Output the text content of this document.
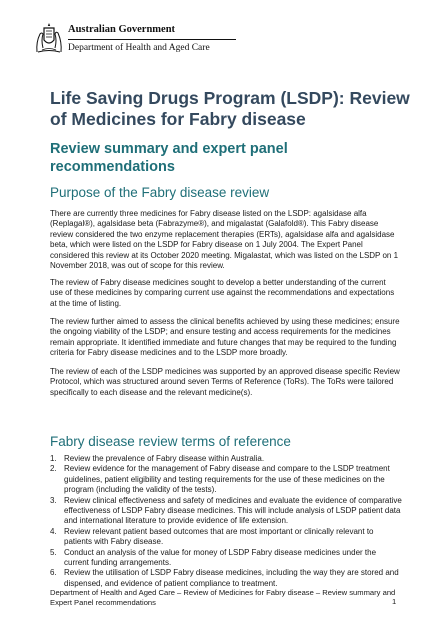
Australian Government
Department of Health and Aged Care
Life Saving Drugs Program (LSDP): Review of Medicines for Fabry disease
Review summary and expert panel recommendations
Purpose of the Fabry disease review

There are currently three medicines for Fabry disease listed on the LSDP: agalsidase alfa (Replagal®), agalsidase beta (Fabrazyme®), and migalastat (Galafold®). This Fabry disease review considered the two enzyme replacement therapies (ERTs), agalsidase alfa and agalsidase beta, which were listed on the LSDP for Fabry disease on 1 July 2004. The Expert Panel considered this review at its October 2020 meeting. Migalastat, which was listed on the LSDP on 1 November 2018, was out of scope for this review.

The review of Fabry disease medicines sought to develop a better understanding of the current use of these medicines by comparing current use against the recommendations and expectations at the time of listing.

The review further aimed to assess the clinical benefits achieved by using these medicines; ensure the ongoing viability of the LSDP; and ensure testing and access requirements for the medicines remain appropriate. It identified immediate and future changes that may be required to the funding criteria for Fabry disease medicines and to the LSDP more broadly.

The review of each of the LSDP medicines was supported by an approved disease specific Review Protocol, which was structured around seven Terms of Reference (ToRs). The ToRs were tailored specifically to each disease and the relevant medicine(s).

Fabry disease review terms of reference
1. Review the prevalence of Fabry disease within Australia.
2. Review evidence for the management of Fabry disease and compare to the LSDP treatment guidelines, patient eligibility and testing requirements for the use of these medicines on the program (including the validity of the tests).
3. Review clinical effectiveness and safety of medicines and evaluate the evidence of comparative effectiveness of LSDP Fabry disease medicines. This will include analysis of LSDP patient data and international literature to provide evidence of life extension.
4. Review relevant patient based outcomes that are most important or clinically relevant to patients with Fabry disease.
5. Conduct an analysis of the value for money of LSDP Fabry disease medicines under the current funding arrangements.
6. Review the utilisation of LSDP Fabry disease medicines, including the way they are stored and dispensed, and evidence of patient compliance to treatment.
Department of Health and Aged Care – Review of Medicines for Fabry disease – Review summary and Expert Panel recommendations	1
